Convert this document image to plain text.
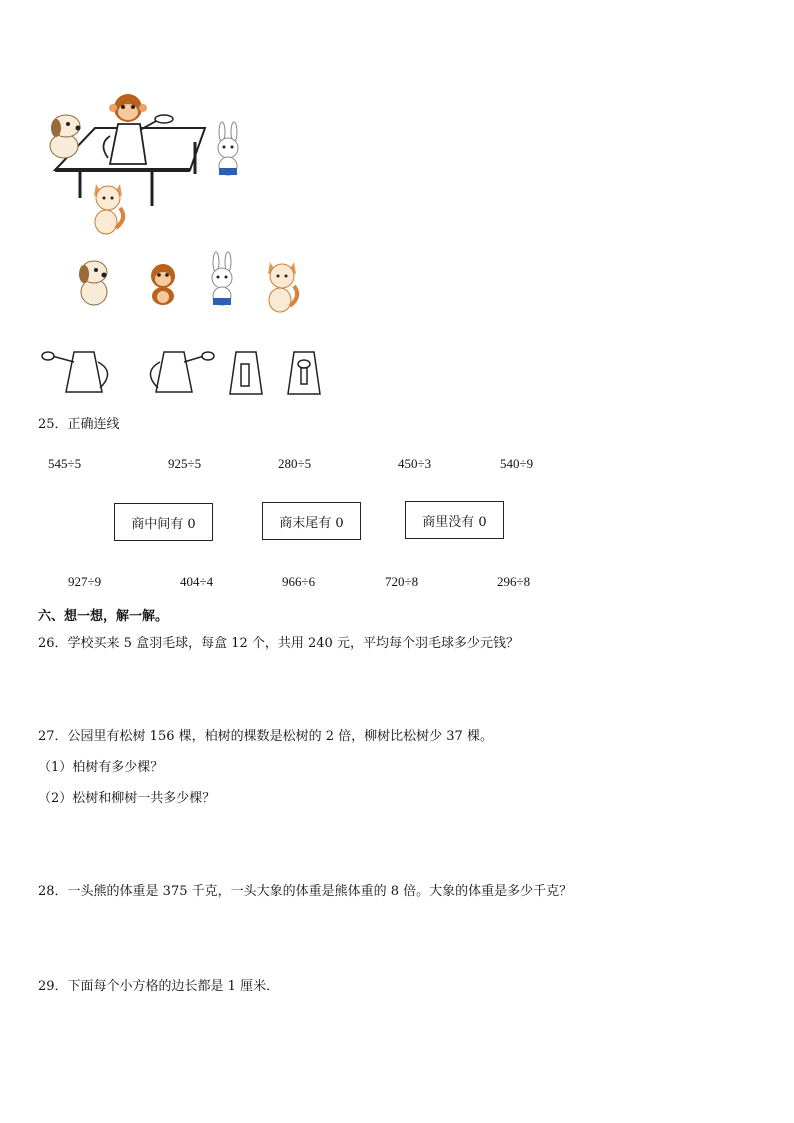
25．正确连线
545÷5	925÷5	280÷5	450÷3	540÷9
商中间有 0	商末尾有 0	商里没有 0
927÷9	404÷4	966÷6	720÷8	296÷8
六、想一想，解一解。
26．学校买来 5 盒羽毛球，每盒 12 个，共用 240 元，平均每个羽毛球多少元钱？
27．公园里有松树 156 棵，柏树的棵数是松树的 2 倍，柳树比松树少 37 棵。
（1）柏树有多少棵？
（2）松树和柳树一共多少棵？
28．一头熊的体重是 375 千克，一头大象的体重是熊体重的 8 倍。大象的体重是多少千克？
29．下面每个小方格的边长都是 1 厘米．
